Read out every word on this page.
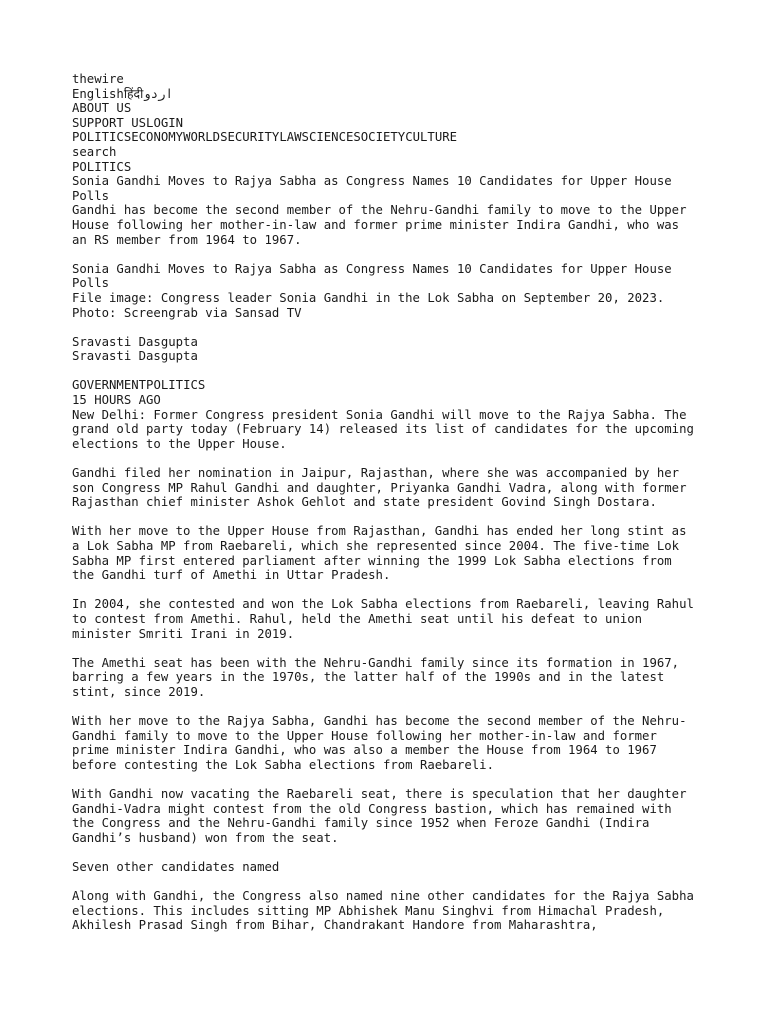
thewire
Englishहिंदीاردو
ABOUT US
SUPPORT USLOGIN
POLITICSECONOMYWORLDSECURITYLAWSCIENCESOCIETYCULTURE
search
POLITICS
Sonia Gandhi Moves to Rajya Sabha as Congress Names 10 Candidates for Upper House Polls
Gandhi has become the second member of the Nehru-Gandhi family to move to the Upper House following her mother-in-law and former prime minister Indira Gandhi, who was an RS member from 1964 to 1967.
Sonia Gandhi Moves to Rajya Sabha as Congress Names 10 Candidates for Upper House Polls
File image: Congress leader Sonia Gandhi in the Lok Sabha on September 20, 2023. Photo: Screengrab via Sansad TV
Sravasti Dasgupta
Sravasti Dasgupta
GOVERNMENTPOLITICS
15 HOURS AGO

New Delhi: Former Congress president Sonia Gandhi will move to the Rajya Sabha. The grand old party today (February 14) released its list of candidates for the upcoming elections to the Upper House.

Gandhi filed her nomination in Jaipur, Rajasthan, where she was accompanied by her son Congress MP Rahul Gandhi and daughter, Priyanka Gandhi Vadra, along with former Rajasthan chief minister Ashok Gehlot and state president Govind Singh Dostara.

With her move to the Upper House from Rajasthan, Gandhi has ended her long stint as a Lok Sabha MP from Raebareli, which she represented since 2004. The five-time Lok Sabha MP first entered parliament after winning the 1999 Lok Sabha elections from the Gandhi turf of Amethi in Uttar Pradesh.

In 2004, she contested and won the Lok Sabha elections from Raebareli, leaving Rahul to contest from Amethi. Rahul, held the Amethi seat until his defeat to union minister Smriti Irani in 2019.

The Amethi seat has been with the Nehru-Gandhi family since its formation in 1967, barring a few years in the 1970s, the latter half of the 1990s and in the latest stint, since 2019.

With her move to the Rajya Sabha, Gandhi has become the second member of the Nehru-Gandhi family to move to the Upper House following her mother-in-law and former prime minister Indira Gandhi, who was also a member the House from 1964 to 1967 before contesting the Lok Sabha elections from Raebareli.

With Gandhi now vacating the Raebareli seat, there is speculation that her daughter Gandhi-Vadra might contest from the old Congress bastion, which has remained with the Congress and the Nehru-Gandhi family since 1952 when Feroze Gandhi (Indira Gandhi’s husband) won from the seat.

Seven other candidates named

Along with Gandhi, the Congress also named nine other candidates for the Rajya Sabha elections. This includes sitting MP Abhishek Manu Singhvi from Himachal Pradesh, Akhilesh Prasad Singh from Bihar, Chandrakant Handore from Maharashtra,
